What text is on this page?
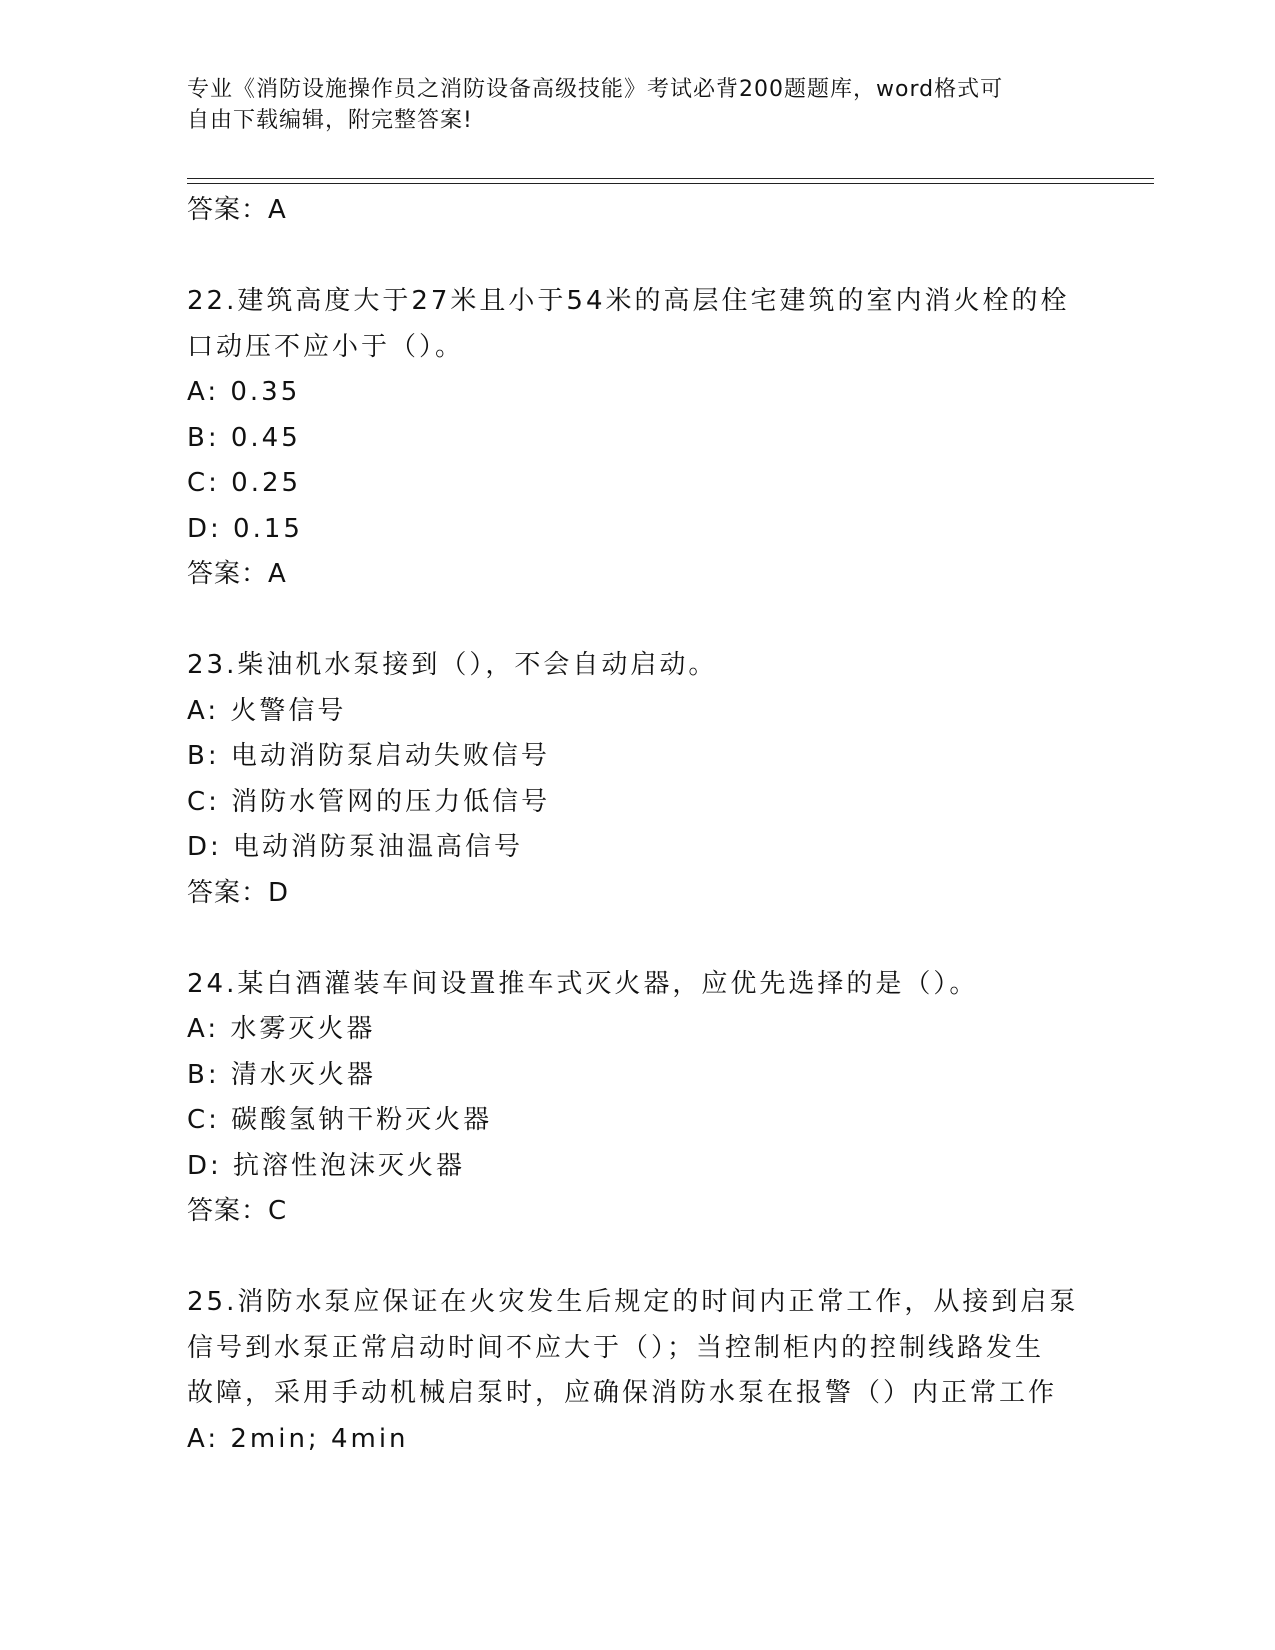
专业《消防设施操作员之消防设备高级技能》考试必背200题题库，word格式可
自由下载编辑，附完整答案!
答案：A
22.建筑高度大于27米且小于54米的高层住宅建筑的室内消火栓的栓
口动压不应小于（）。
A: 0.35
B: 0.45
C: 0.25
D: 0.15
答案：A
23.柴油机水泵接到（），不会自动启动。
A: 火警信号
B: 电动消防泵启动失败信号
C: 消防水管网的压力低信号
D: 电动消防泵油温高信号
答案：D
24.某白酒灌装车间设置推车式灭火器，应优先选择的是（）。
A: 水雾灭火器
B: 清水灭火器
C: 碳酸氢钠干粉灭火器
D: 抗溶性泡沫灭火器
答案：C
25.消防水泵应保证在火灾发生后规定的时间内正常工作，从接到启泵
信号到水泵正常启动时间不应大于（）；当控制柜内的控制线路发生
故障，采用手动机械启泵时，应确保消防水泵在报警（）内正常工作
A: 2min; 4min
